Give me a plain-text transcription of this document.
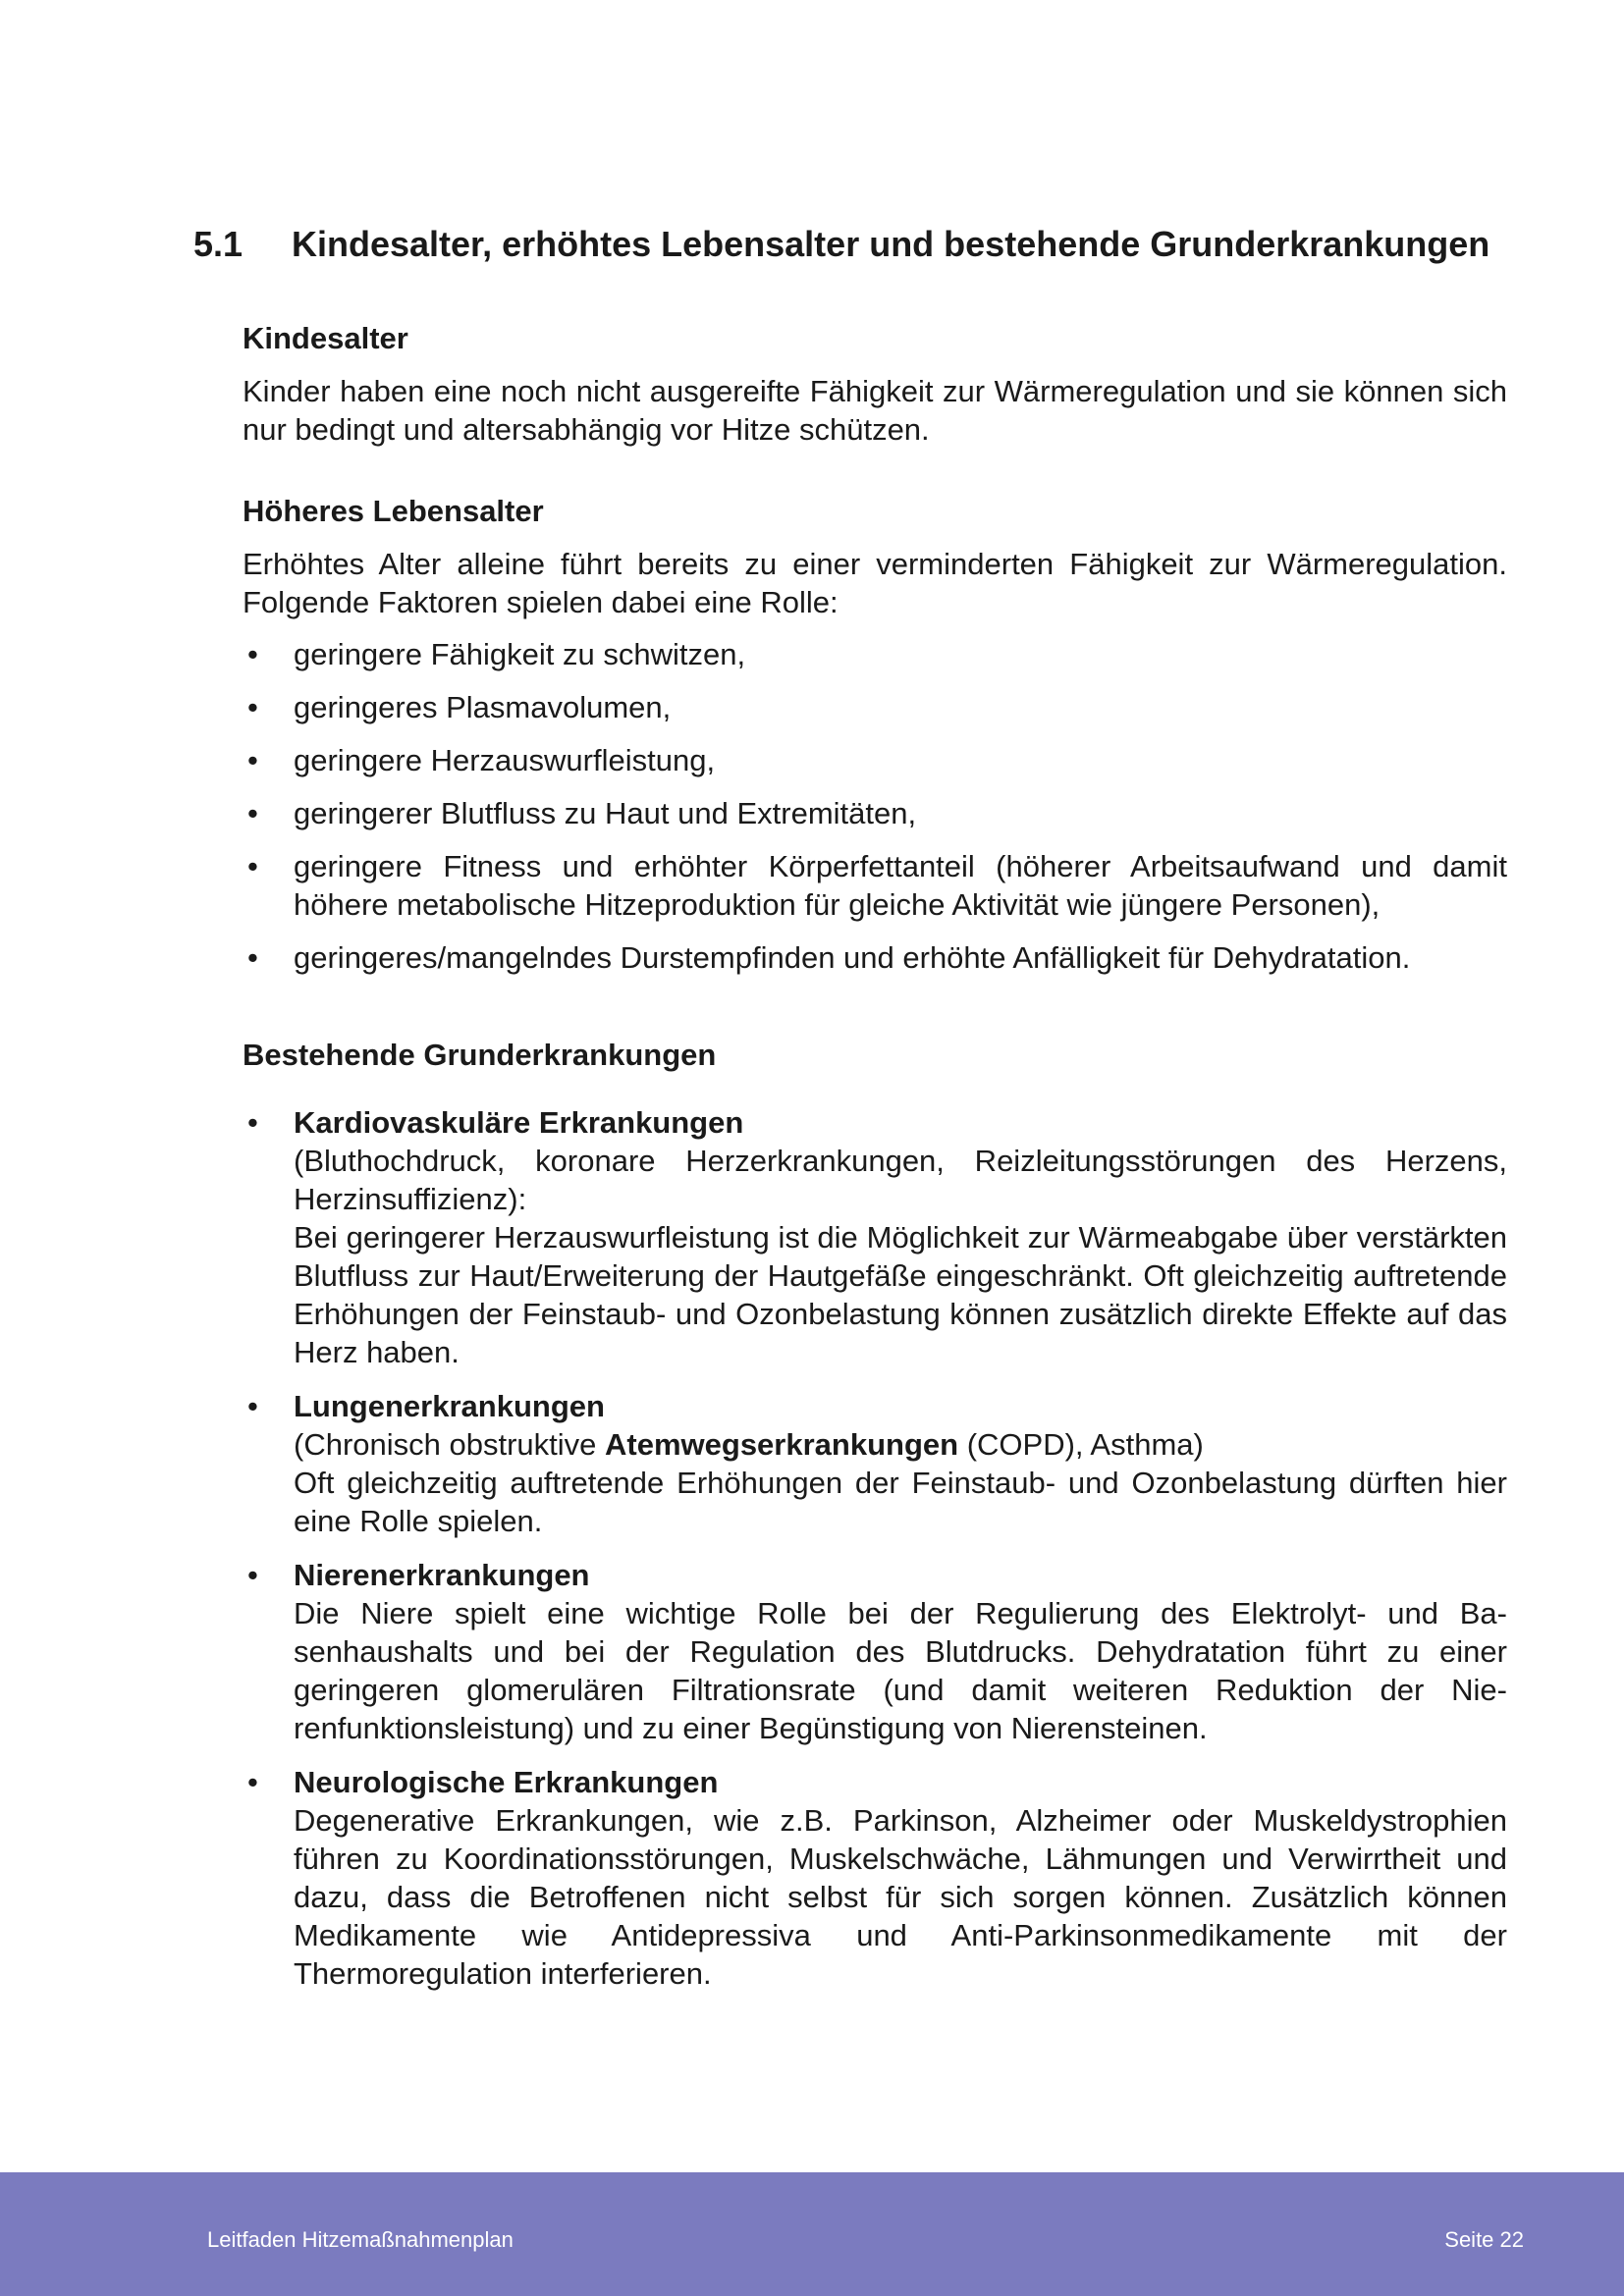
5.1 Kindesalter, erhöhtes Lebensalter und bestehende Grunderkrankungen
Kindesalter

Kinder haben eine noch nicht ausgereifte Fähigkeit zur Wärmeregulation und sie können sich nur bedingt und altersabhängig vor Hitze schützen.

Höheres Lebensalter

Erhöhtes Alter alleine führt bereits zu einer verminderten Fähigkeit zur Wärmeregulation. Folgende Faktoren spielen dabei eine Rolle:

• geringere Fähigkeit zu schwitzen,
• geringeres Plasmavolumen,
• geringere Herzauswurfleistung,
• geringerer Blutfluss zu Haut und Extremitäten,
• geringere Fitness und erhöhter Körperfettanteil (höherer Arbeitsaufwand und damit höhere metabolische Hitzeproduktion für gleiche Aktivität wie jüngere Personen),
• geringeres/mangelndes Durstempfinden und erhöhte Anfälligkeit für Dehydratation.
Bestehende Grunderkrankungen
• Kardiovaskuläre Erkrankungen
(Bluthochdruck, koronare Herzerkrankungen, Reizleitungsstörungen des Herzens, Herzinsuffizienz):
Bei geringerer Herzauswurfleistung ist die Möglichkeit zur Wärmeabgabe über verstärkten Blutfluss zur Haut/Erweiterung der Hautgefäße eingeschränkt. Oft gleichzeitig auftretende Erhöhungen der Feinstaub- und Ozonbelastung können zusätzlich direkte Effekte auf das Herz haben.
• Lungenerkrankungen
(Chronisch obstruktive Atemwegserkrankungen (COPD), Asthma)
Oft gleichzeitig auftretende Erhöhungen der Feinstaub- und Ozonbelastung dürften hier eine Rolle spielen.
• Nierenerkrankungen
Die Niere spielt eine wichtige Rolle bei der Regulierung des Elektrolyt- und Basenhaushalts und bei der Regulation des Blutdrucks. Dehydratation führt zu einer geringeren glomerulären Filtrationsrate (und damit weiteren Reduktion der Nierenfunktionsleistung) und zu einer Begünstigung von Nierensteinen.
• Neurologische Erkrankungen
Degenerative Erkrankungen, wie z.B. Parkinson, Alzheimer oder Muskeldystrophien führen zu Koordinationsstörungen, Muskelschwäche, Lähmungen und Verwirrtheit und dazu, dass die Betroffenen nicht selbst für sich sorgen können. Zusätzlich können Medikamente wie Antidepressiva und Anti-Parkinsonmedikamente mit der Thermoregulation interferieren.
Leitfaden Hitzemaßnahmenplan	Seite 22
